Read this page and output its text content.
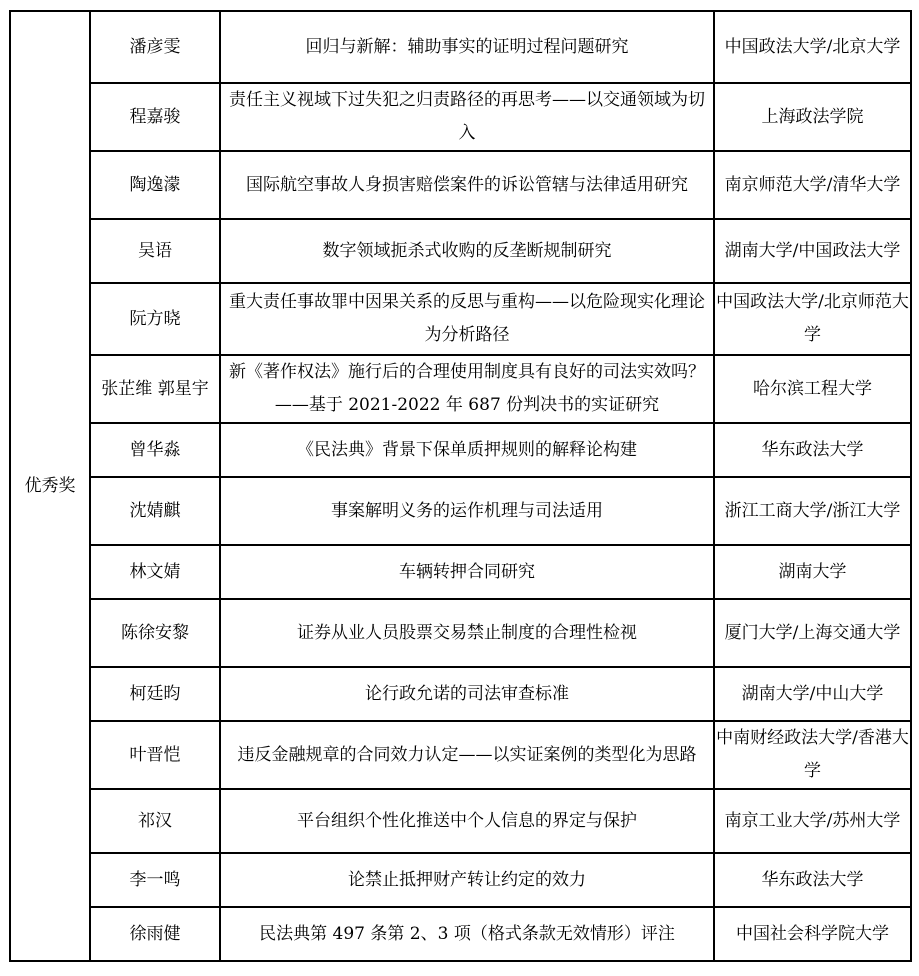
优秀奖	潘彦雯	回归与新解：辅助事实的证明过程问题研究	中国政法大学/北京大学
	程嘉骏	责任主义视域下过失犯之归责路径的再思考——以交通领域为切入	上海政法学院
	陶逸濛	国际航空事故人身损害赔偿案件的诉讼管辖与法律适用研究	南京师范大学/清华大学
	吴语	数字领域扼杀式收购的反垄断规制研究	湖南大学/中国政法大学
	阮方晓	重大责任事故罪中因果关系的反思与重构——以危险现实化理论为分析路径	中国政法大学/北京师范大学
	张芷维 郭星宇	新《著作权法》施行后的合理使用制度具有良好的司法实效吗？——基于 2021-2022 年 687 份判决书的实证研究	哈尔滨工程大学
	曾华淼	《民法典》背景下保单质押规则的解释论构建	华东政法大学
	沈婧麒	事案解明义务的运作机理与司法适用	浙江工商大学/浙江大学
	林文婧	车辆转押合同研究	湖南大学
	陈徐安黎	证券从业人员股票交易禁止制度的合理性检视	厦门大学/上海交通大学
	柯廷昀	论行政允诺的司法审查标准	湖南大学/中山大学
	叶晋恺	违反金融规章的合同效力认定——以实证案例的类型化为思路	中南财经政法大学/香港大学
	祁汉	平台组织个性化推送中个人信息的界定与保护	南京工业大学/苏州大学
	李一鸣	论禁止抵押财产转让约定的效力	华东政法大学
	徐雨健	民法典第 497 条第 2、3 项（格式条款无效情形）评注	中国社会科学院大学
